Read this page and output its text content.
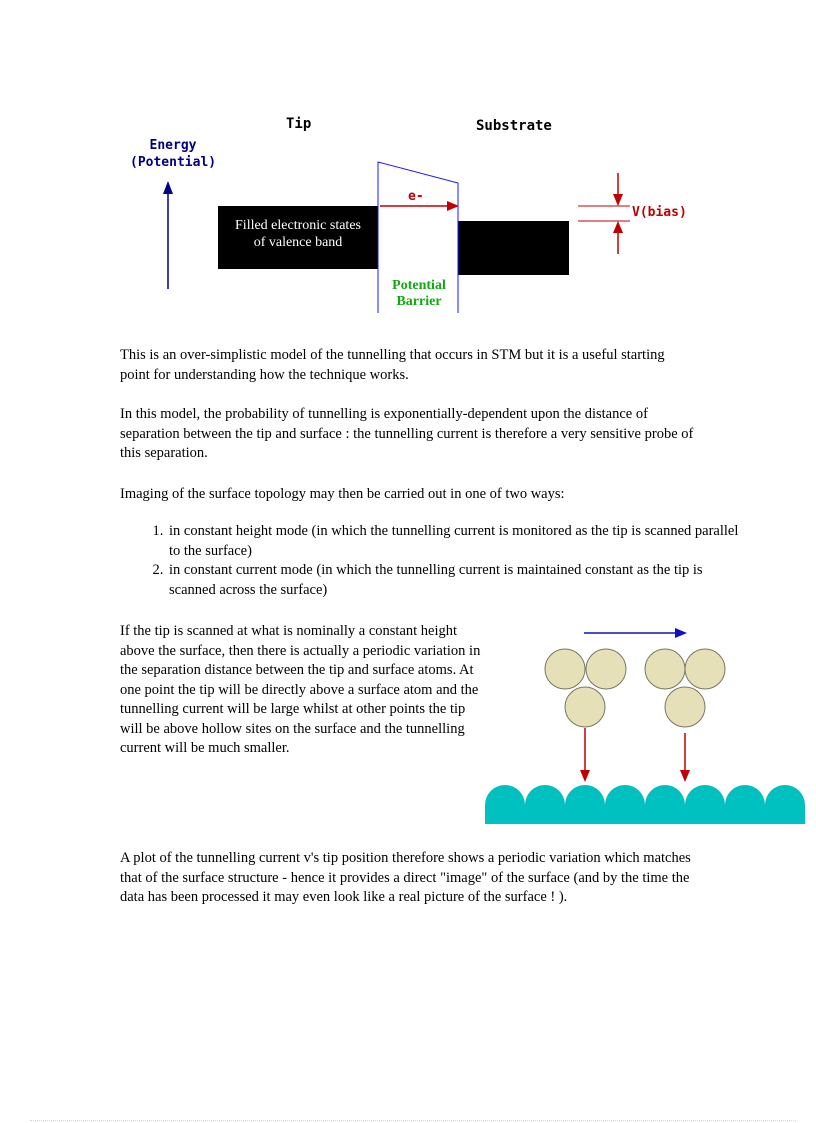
Tip	Substrate
Energy
(Potential)
Filled electronic states
of valence band
e-
Potential
Barrier
V(bias)

This is an over-simplistic model of the tunnelling that occurs in STM but it is a useful starting point for understanding how the technique works.

In this model, the probability of tunnelling is exponentially-dependent upon the distance of separation between the tip and surface : the tunnelling current is therefore a very sensitive probe of this separation.

Imaging of the surface topology may then be carried out in one of two ways:

1. in constant height mode (in which the tunnelling current is monitored as the tip is scanned parallel to the surface)
2. in constant current mode (in which the tunnelling current is maintained constant as the tip is scanned across the surface)

If the tip is scanned at what is nominally a constant height above the surface, then there is actually a periodic variation in the separation distance between the tip and surface atoms. At one point the tip will be directly above a surface atom and the tunnelling current will be large whilst at other points the tip will be above hollow sites on the surface and the tunnelling current will be much smaller.

A plot of the tunnelling current v's tip position therefore shows a periodic variation which matches that of the surface structure - hence it provides a direct "image" of the surface (and by the time the data has been processed it may even look like a real picture of the surface ! ).
